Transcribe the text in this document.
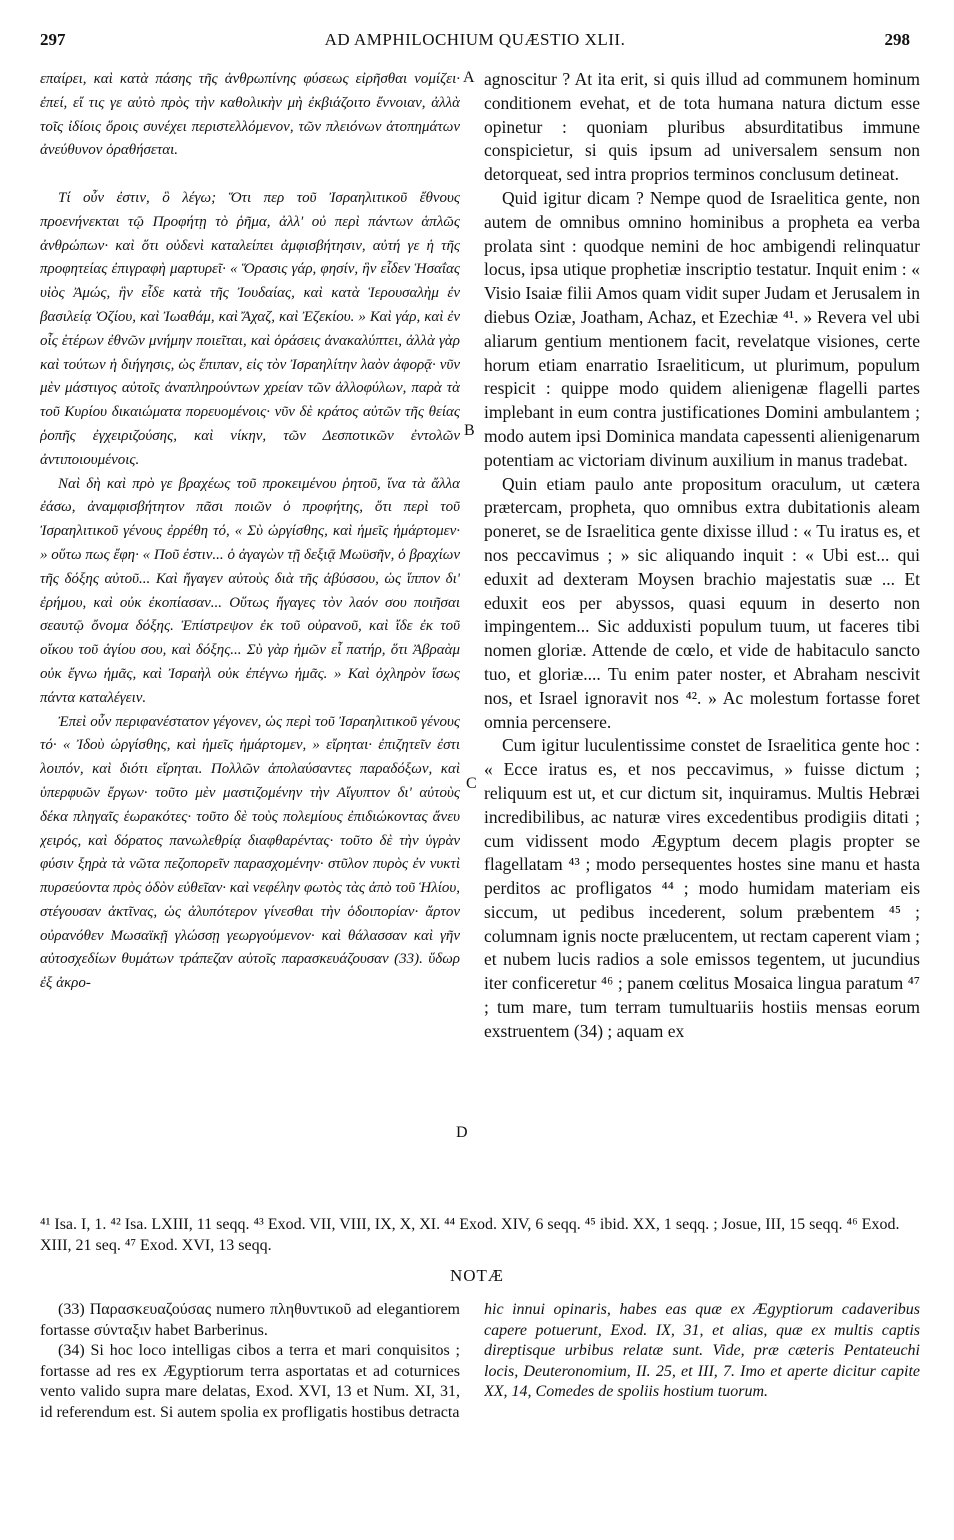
297	AD AMPHILOCHIUM QUÆSTIO XLII.	298

επαίρει, καὶ κατὰ πάσης τῆς ἀνθρωπίνης φύσεως εἰρῆσθαι νομίζει· ἐπεί, εἴ τις γε αὐτὸ πρὸς τὴν καθολικὴν μὴ ἐκβιάζοιτο ἔννοιαν, ἀλλὰ τοῖς ἰδίοις ὅροις συνέχει περιστελλόμενον, τῶν πλειόνων ἀτοπημάτων ἀνεύθυνον ὁραθήσεται.

Τί οὖν ἐστιν, ὃ λέγω; Ὅτι περ τοῦ Ἰσραηλιτικοῦ ἔθνους προενήνεκται τῷ Προφήτῃ τὸ ῥῆμα, ἀλλ' οὐ περὶ πάντων ἁπλῶς ἀνθρώπων· καὶ ὅτι οὐδενὶ καταλείπει ἀμφισβήτησιν, αὐτή γε ἡ τῆς προφητείας ἐπιγραφὴ μαρτυρεῖ· « Ὅρασις γάρ, φησίν, ἣν εἶδεν Ἡσαΐας υἱὸς Ἀμώς, ἣν εἶδε κατὰ τῆς Ἰουδαίας, καὶ κατὰ Ἱερουσαλὴμ ἐν βασιλείᾳ Ὀζίου, καὶ Ἰωαθάμ, καὶ Ἄχαζ, καὶ Ἐζεκίου. » Καὶ γάρ, καὶ ἐν οἷς ἑτέρων ἐθνῶν μνήμην ποιεῖται, καὶ ὁράσεις ἀνακαλύπτει, ἀλλὰ γὰρ καὶ τούτων ἡ διήγησις, ὡς ἔπιπαν, εἰς τὸν Ἰσραηλίτην λαὸν ἀφορᾷ· νῦν μὲν μάστιγος αὐτοῖς ἀναπληρούντων χρείαν τῶν ἀλλοφύλων, παρὰ τὰ τοῦ Κυρίου δικαιώματα πορευομένοις· νῦν δὲ κράτος αὐτῶν τῆς θείας ῥοπῆς ἐγχειριζούσης, καὶ νίκην, τῶν Δεσποτικῶν ἐντολῶν ἀντιποιουμένοις.

Ναὶ δὴ καὶ πρὸ γε βραχέως τοῦ προκειμένου ῥητοῦ, ἵνα τὰ ἄλλα ἐάσω, ἀναμφισβήτητον πᾶσι ποιῶν ὁ προφήτης, ὅτι περὶ τοῦ Ἰσραηλιτικοῦ γένους ἐρρέθη τό, « Σὺ ὠργίσθης, καὶ ἡμεῖς ἡμάρτομεν· » οὕτω πως ἔφη· « Ποῦ ἐστιν... ὁ ἀγαγὼν τῇ δεξιᾷ Μωϋσῆν, ὁ βραχίων τῆς δόξης αὐτοῦ... Καὶ ἤγαγεν αὐτοὺς διὰ τῆς ἀβύσσου, ὡς ἵππον δι' ἐρήμου, καὶ οὐκ ἐκοπίασαν... Οὕτως ἤγαγες τὸν λαόν σου ποιῆσαι σεαυτῷ ὄνομα δόξης. Ἐπίστρεψον ἐκ τοῦ οὐρανοῦ, καὶ ἴδε ἐκ τοῦ οἴκου τοῦ ἁγίου σου, καὶ δόξης... Σὺ γὰρ ἡμῶν εἶ πατήρ, ὅτι Ἀβραὰμ οὐκ ἔγνω ἡμᾶς, καὶ Ἰσραὴλ οὐκ ἐπέγνω ἡμᾶς. » Καὶ ὀχληρὸν ἴσως πάντα καταλέγειν.

Ἐπεὶ οὖν περιφανέστατον γέγονεν, ὡς περὶ τοῦ Ἰσραηλιτικοῦ γένους τό· « Ἰδοὺ ὠργίσθης, καὶ ἡμεῖς ἡμάρτομεν, » εἴρηται· ἐπιζητεῖν ἐστι λοιπόν, καὶ διότι εἴρηται. Πολλῶν ἀπολαύσαντες παραδόξων, καὶ ὑπερφυῶν ἔργων· τοῦτο μὲν μαστιζομένην τὴν Αἴγυπτον δι' αὐτοὺς δέκα πληγαῖς ἑωρακότες· τοῦτο δὲ τοὺς πολεμίους ἐπιδιώκοντας ἄνευ χειρός, καὶ δόρατος πανωλεθρίᾳ διαφθαρέντας· τοῦτο δὲ τὴν ὑγρὰν φύσιν ξηρὰ τὰ νῶτα πεζοπορεῖν παρασχομένην· στῦλον πυρὸς ἐν νυκτὶ πυρσεύοντα πρὸς ὁδὸν εὐθεῖαν· καὶ νεφέλην φωτὸς τὰς ἀπὸ τοῦ Ἡλίου, στέγουσαν ἀκτῖνας, ὡς ἀλυπότερον γίνεσθαι τὴν ὁδοιπορίαν· ἄρτον οὐρανόθεν Μωσαϊκῇ γλώσσῃ γεωργούμενον· καὶ θάλασσαν καὶ γῆν αὐτοσχεδίων θυμάτων τράπεζαν αὐτοῖς παρασκευάζουσαν (33). ὕδωρ ἐξ ἀκρο-

A
B
C
D

agnoscitur ? At ita erit, si quis illud ad communem hominum conditionem evehat, et de tota humana natura dictum esse opinetur : quoniam pluribus absurditatibus immune conspicietur, si quis ipsum ad universalem sensum non detorqueat, sed intra proprios terminos conclusum detineat.

Quid igitur dicam ? Nempe quod de Israelitica gente, non autem de omnibus omnino hominibus a propheta ea verba prolata sint : quodque nemini de hoc ambigendi relinquatur locus, ipsa utique prophetiæ inscriptio testatur. Inquit enim : « Visio Isaiæ filii Amos quam vidit super Judam et Jerusalem in diebus Oziæ, Joatham, Achaz, et Ezechiæ ⁴¹. » Revera vel ubi aliarum gentium mentionem facit, revelatque visiones, certe horum etiam enarratio Israeliticum, ut plurimum, populum respicit : quippe modo quidem alienigenæ flagelli partes implebant in eum contra justificationes Domini ambulantem ; modo autem ipsi Dominica mandata capessenti alienigenarum potentiam ac victoriam divinum auxilium in manus tradebat.

Quin etiam paulo ante propositum oraculum, ut cætera prætercam, propheta, quo omnibus extra dubitationis aleam poneret, se de Israelitica gente dixisse illud : « Tu iratus es, et nos peccavimus ; » sic aliquando inquit : « Ubi est... qui eduxit ad dexteram Moysen brachio majestatis suæ ... Et eduxit eos per abyssos, quasi equum in deserto non impingentem... Sic adduxisti populum tuum, ut faceres tibi nomen gloriæ. Attende de cœlo, et vide de habitaculo sancto tuo, et gloriæ.... Tu enim pater noster, et Abraham nescivit nos, et Israel ignoravit nos ⁴². » Ac molestum fortasse foret omnia percensere.

Cum igitur luculentissime constet de Israelitica gente hoc : « Ecce iratus es, et nos peccavimus, » fuisse dictum ; reliquum est ut, et cur dictum sit, inquiramus. Multis Hebræi incredibilibus, ac naturæ vires excedentibus prodigiis ditati ; cum vidissent modo Ægyptum decem plagis propter se flagellatam ⁴³ ; modo persequentes hostes sine manu et hasta perditos ac profligatos ⁴⁴ ; modo humidam materiam eis siccum, ut pedibus incederent, solum præbentem ⁴⁵ ; columnam ignis nocte prælucentem, ut rectam caperent viam ; et nubem lucis radios a sole emissos tegentem, ut jucundius iter conficeretur ⁴⁶ ; panem cœlitus Mosaica lingua paratum ⁴⁷ ; tum mare, tum terram tumultuariis hostiis mensas eorum exstruentem (34) ; aquam ex

⁴¹ Isa. I, 1. ⁴² Isa. LXIII, 11 seqq. ⁴³ Exod. VII, VIII, IX, X, XI. ⁴⁴ Exod. XIV, 6 seqq. ⁴⁵ ibid. XX, 1 seqq. ; Josue, III, 15 seqq. ⁴⁶ Exod. XIII, 21 seq. ⁴⁷ Exod. XVI, 13 seqq.

NOTÆ

(33) Παρασκευαζούσας numero πληθυντικοῦ ad elegantiorem fortasse σύνταξιν habet Barberinus.

(34) Si hoc loco intelligas cibos a terra et mari conquisitos ; fortasse ad res ex Ægyptiorum terra asportatas et ad coturnices vento valido supra mare delatas, Exod. XVI, 13 et Num. XI, 31, id referendum est. Si autem spolia ex profligatis hostibus detracta

hic innui opinaris, habes eas quæ ex Ægyptiorum cadaveribus capere potuerunt, Exod. IX, 31, et alias, quæ ex multis captis direptisque urbibus relatæ sunt. Vide, præ cæteris Pentateuchi locis, Deuteronomium, II. 25, et III, 7. Imo et aperte dicitur capite XX, 14, Comedes de spoliis hostium tuorum.
